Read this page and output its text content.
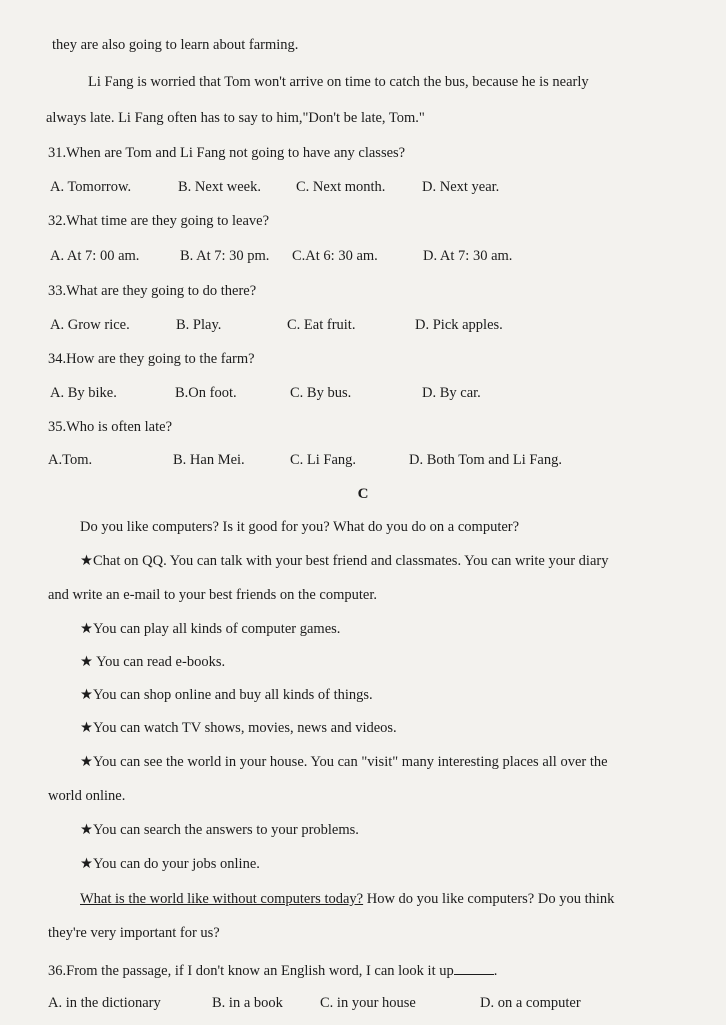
they are also going to learn about farming.
Li Fang is worried that Tom won't arrive on time to catch the bus, because he is nearly
always late. Li Fang often has to say to him,"Don't be late, Tom."
31.When are Tom and Li Fang not going to have any classes?
A. Tomorrow.	B. Next week. C. Next month.	D. Next year.
32.What time are they going to leave?
A. At 7: 00 am.	B. At 7: 30 pm. C.At 6: 30 am.	D. At 7: 30 am.
33.What are they going to do there?
A. Grow rice.	B. Play.	C. Eat fruit.	D. Pick apples.
34.How are they going to the farm?
A. By bike.	B.On foot.	C. By bus.	D. By car.
35.Who is often late?
A.Tom.	B. Han Mei.	C. Li Fang.	D. Both Tom and Li Fang.
C
Do you like computers? Is it good for you? What do you do on a computer?
★Chat on QQ. You can talk with your best friend and classmates. You can write your diary
and write an e-mail to your best friends on the computer.
★You can play all kinds of computer games.
★ You can read e-books.
★You can shop online and buy all kinds of things.
★You can watch TV shows, movies, news and videos.
★You can see the world in your house. You can "visit" many interesting places all over the
world online.
★You can search the answers to your problems.
★You can do your jobs online.
What is the world like without computers today? How do you like computers? Do you think
they're very important for us?
36.From the passage, if I don't know an English word, I can look it up	.
A. in the dictionary	B. in a book	C. in your house	D. on a computer
